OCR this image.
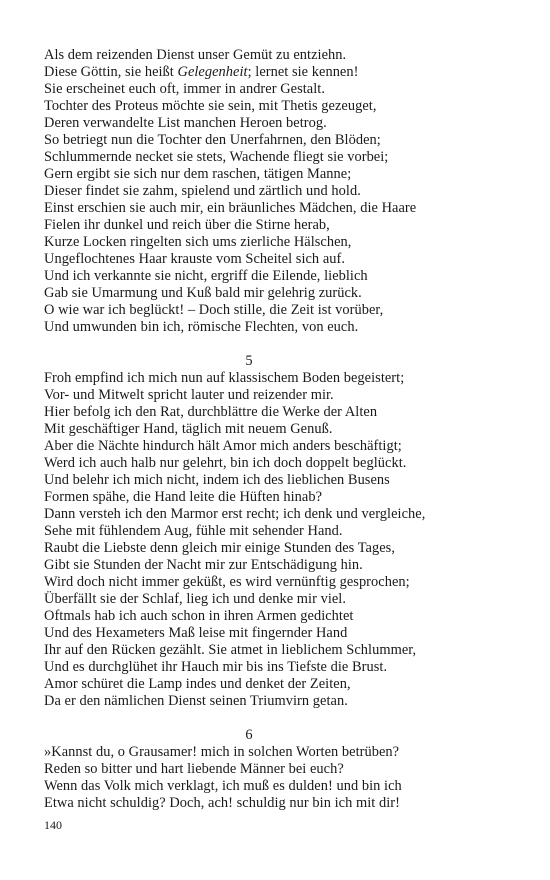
Als dem reizenden Dienst unser Gemüt zu entziehn.
Diese Göttin, sie heißt Gelegenheit; lernet sie kennen!
Sie erscheinet euch oft, immer in andrer Gestalt.
Tochter des Proteus möchte sie sein, mit Thetis gezeuget,
Deren verwandelte List manchen Heroen betrog.
So betriegt nun die Tochter den Unerfahrnen, den Blöden;
Schlummernde necket sie stets, Wachende fliegt sie vorbei;
Gern ergibt sie sich nur dem raschen, tätigen Manne;
Dieser findet sie zahm, spielend und zärtlich und hold.
Einst erschien sie auch mir, ein bräunliches Mädchen, die Haare
Fielen ihr dunkel und reich über die Stirne herab,
Kurze Locken ringelten sich ums zierliche Hälschen,
Ungeflochtenes Haar krauste vom Scheitel sich auf.
Und ich verkannte sie nicht, ergriff die Eilende, lieblich
Gab sie Umarmung und Kuß bald mir gelehrig zurück.
O wie war ich beglückt! – Doch stille, die Zeit ist vorüber,
Und umwunden bin ich, römische Flechten, von euch.
5
Froh empfind ich mich nun auf klassischem Boden begeistert;
Vor- und Mitwelt spricht lauter und reizender mir.
Hier befolg ich den Rat, durchblättre die Werke der Alten
Mit geschäftiger Hand, täglich mit neuem Genuß.
Aber die Nächte hindurch hält Amor mich anders beschäftigt;
Werd ich auch halb nur gelehrt, bin ich doch doppelt beglückt.
Und belehr ich mich nicht, indem ich des lieblichen Busens
Formen spähe, die Hand leite die Hüften hinab?
Dann versteh ich den Marmor erst recht; ich denk und vergleiche,
Sehe mit fühlendem Aug, fühle mit sehender Hand.
Raubt die Liebste denn gleich mir einige Stunden des Tages,
Gibt sie Stunden der Nacht mir zur Entschädigung hin.
Wird doch nicht immer geküßt, es wird vernünftig gesprochen;
Überfällt sie der Schlaf, lieg ich und denke mir viel.
Oftmals hab ich auch schon in ihren Armen gedichtet
Und des Hexameters Maß leise mit fingernder Hand
Ihr auf den Rücken gezählt. Sie atmet in lieblichem Schlummer,
Und es durchglühet ihr Hauch mir bis ins Tiefste die Brust.
Amor schüret die Lamp indes und denket der Zeiten,
Da er den nämlichen Dienst seinen Triumvirn getan.
6
»Kannst du, o Grausamer! mich in solchen Worten betrüben?
Reden so bitter und hart liebende Männer bei euch?
Wenn das Volk mich verklagt, ich muß es dulden! und bin ich
Etwa nicht schuldig? Doch, ach! schuldig nur bin ich mit dir!
140
